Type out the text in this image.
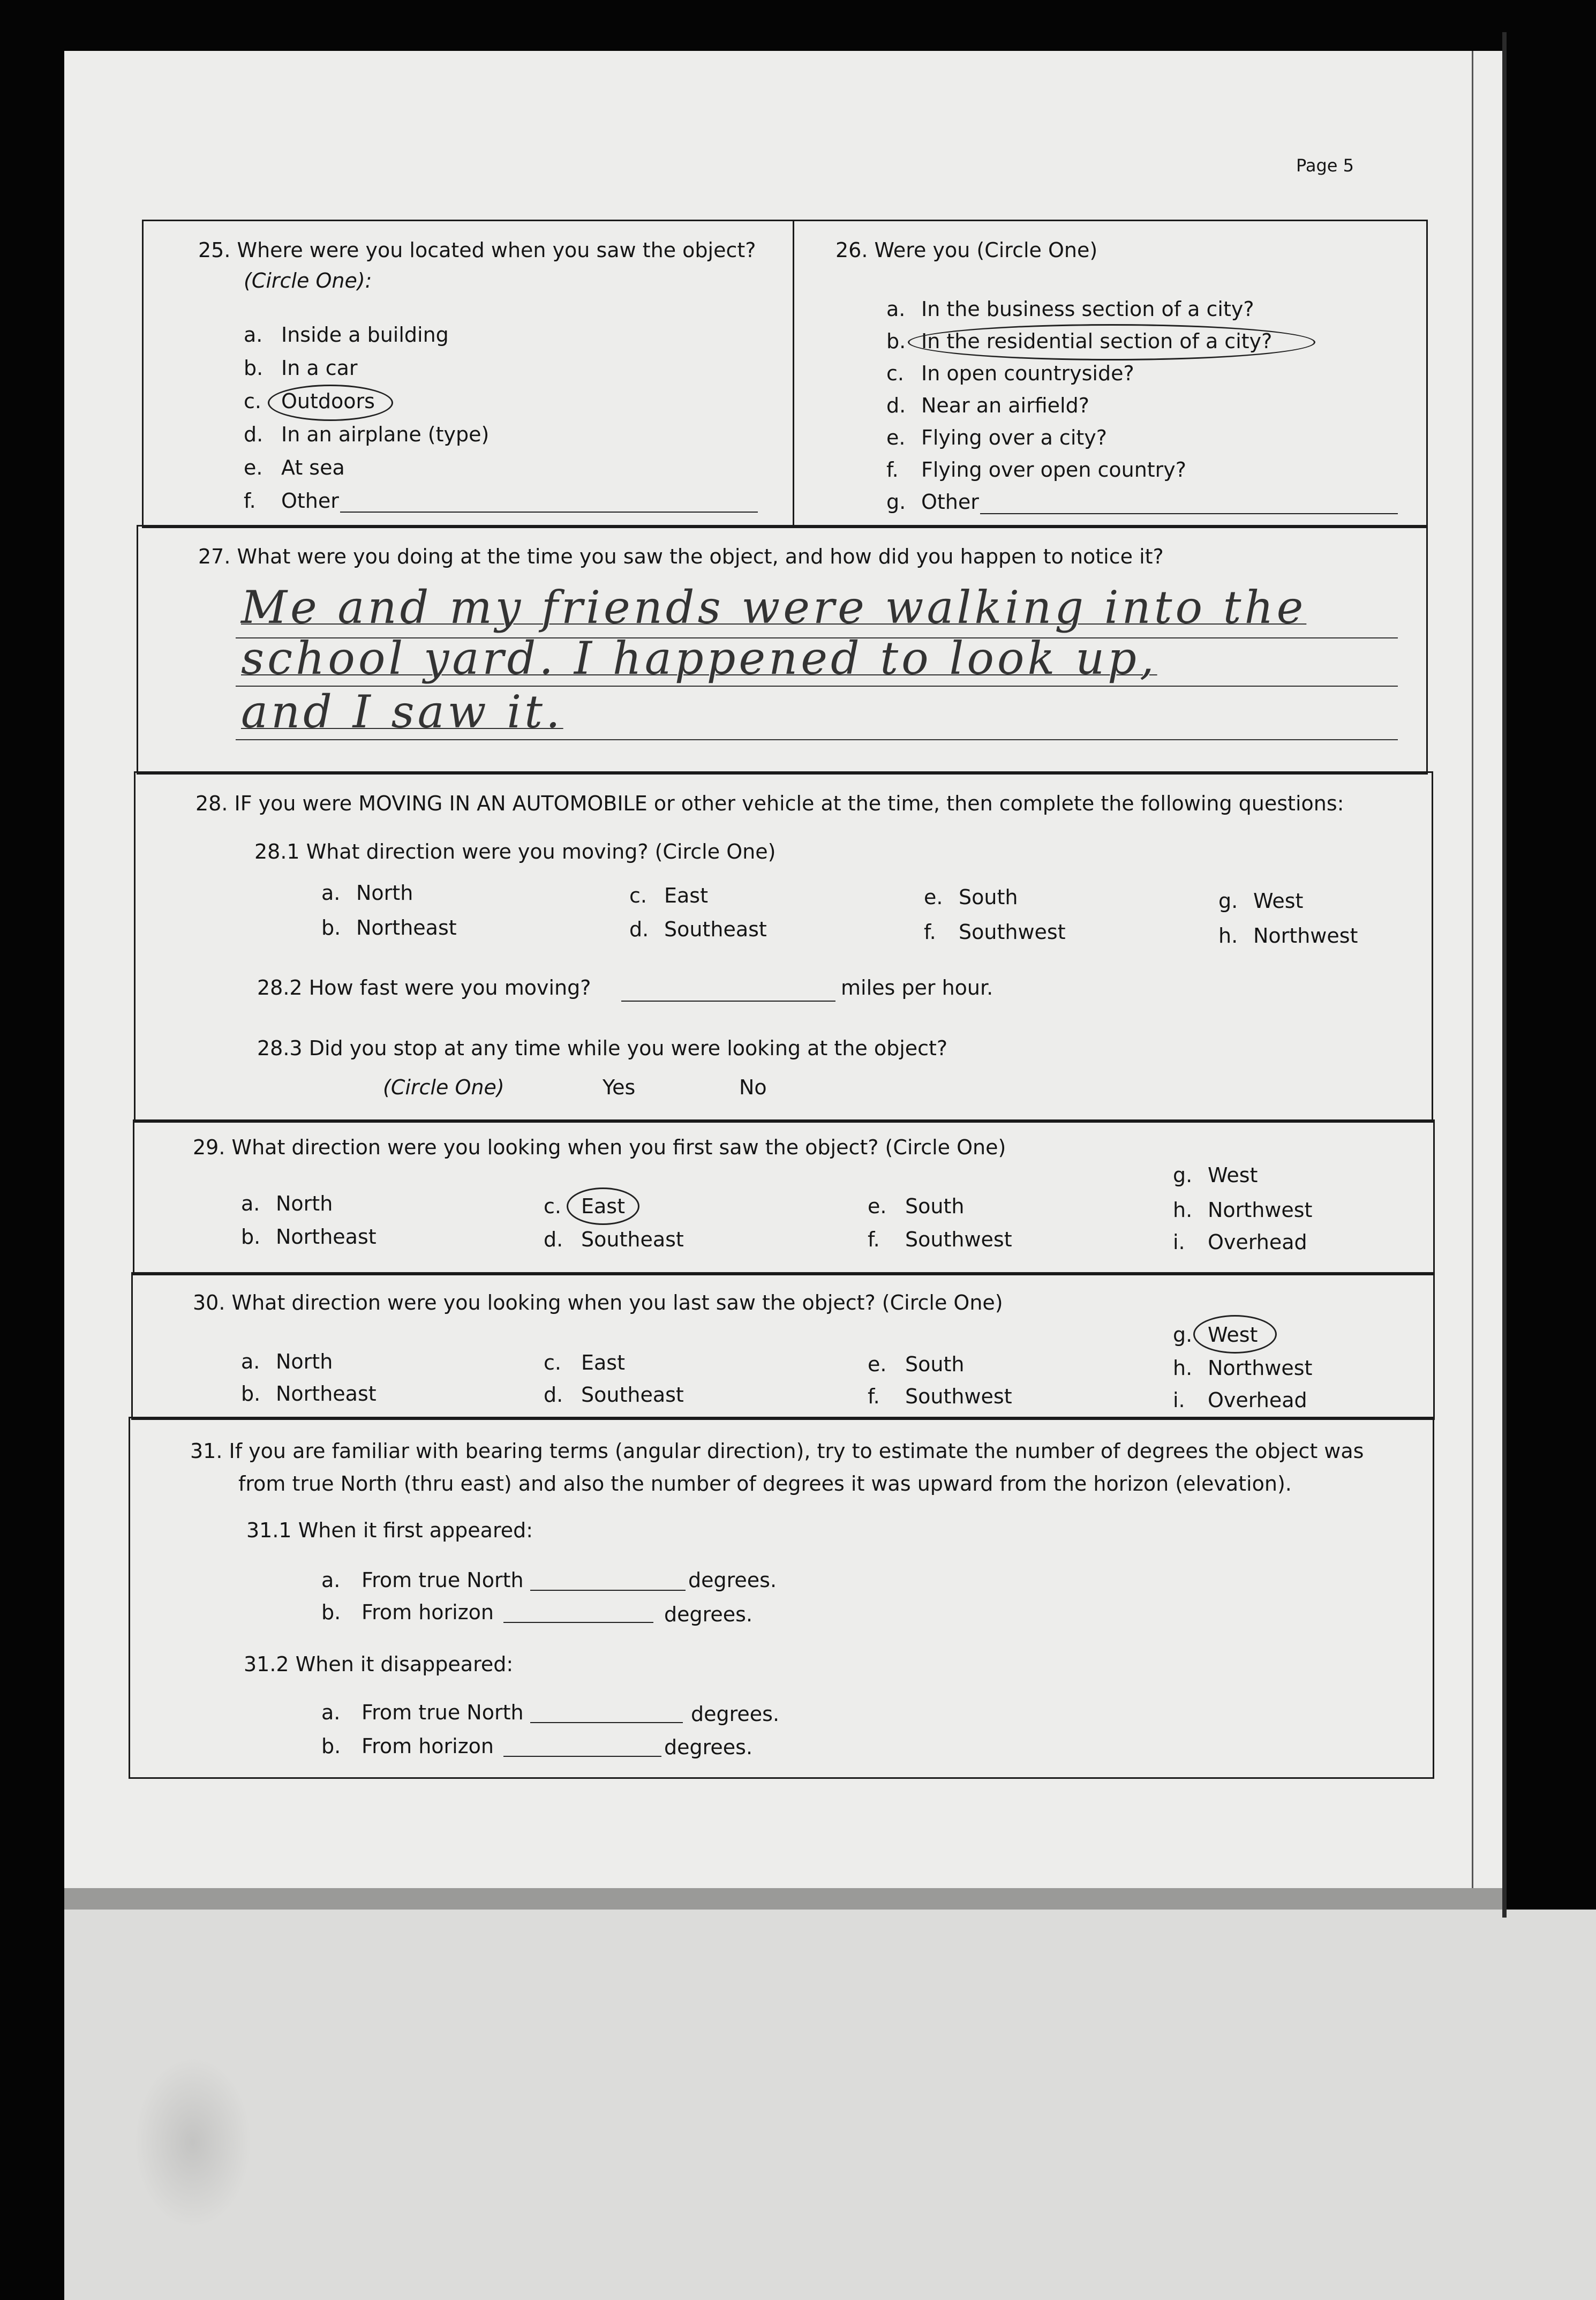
Page 5
25. Where were you located when you saw the object?
(Circle One):
a. Inside a building
b. In a car
c. Outdoors
d. In an airplane (type)
e. At sea
f. Other
26. Were you (Circle One)
a. In the business section of a city?
b. In the residential section of a city?
c. In open countryside?
d. Near an airfield?
e. Flying over a city?
f. Flying over open country?
g. Other
27. What were you doing at the time you saw the object, and how did you happen to notice it?
Me and my friends were walking into the
school yard. I happened to look up,
and I saw it.
28. IF you were MOVING IN AN AUTOMOBILE or other vehicle at the time, then complete the following questions:
28.1 What direction were you moving? (Circle One)
a. North
b. Northeast
c. East
d. Southeast
e. South
f. Southwest
g. West
h. Northwest
28.2 How fast were you moving?	miles per hour.
28.3 Did you stop at any time while you were looking at the object?
(Circle One)	Yes	No
29. What direction were you looking when you first saw the object? (Circle One)
a. North
b. Northeast
c. East
d. Southeast
e. South
f. Southwest
g. West
h. Northwest
i. Overhead
30. What direction were you looking when you last saw the object? (Circle One)
a. North
b. Northeast
c. East
d. Southeast
e. South
f. Southwest
g. West
h. Northwest
i. Overhead
31. If you are familiar with bearing terms (angular direction), try to estimate the number of degrees the object was
from true North (thru east) and also the number of degrees it was upward from the horizon (elevation).
31.1 When it first appeared:
a. From true North	degrees.
b. From horizon	degrees.
31.2 When it disappeared:
a. From true North	degrees.
b. From horizon	degrees.
